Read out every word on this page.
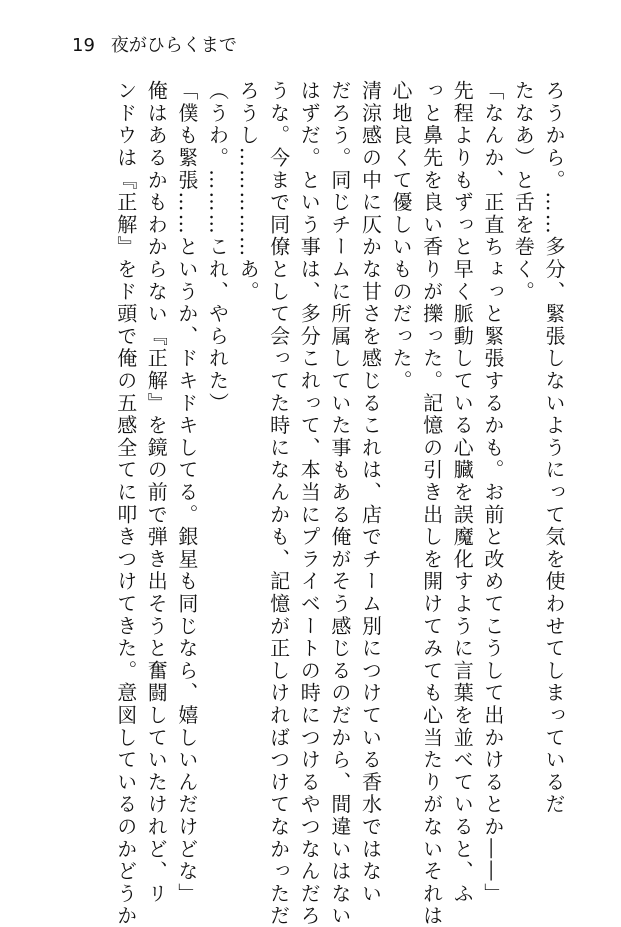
19 夜がひらくまで

ろうから。……多分、緊張しないようにって気を使わせてしまっているだ

たなあ）と舌を巻く。

「なんか、正直ちょっと緊張するかも。お前と改めてこうして出かけるとか――」

先程よりもずっと早く脈動している心臓を誤魔化すように言葉を並べていると、ふ

っと鼻先を良い香りが擽った。記憶の引き出しを開けてみても心当たりがないそれは

心地良くて優しいものだった。

清涼感の中に仄かな甘さを感じるこれは、店でチーム別につけている香水ではない

だろう。同じチームに所属していた事もある俺がそう感じるのだから、間違いはない

はずだ。という事は、多分これって、本当にプライベートの時につけるやつなんだろ

うな。今まで同僚として会ってた時になんかも、記憶が正しければつけてなかっただ

ろうし……………あ。

（うわ。………これ、やられた）

「僕も緊張……というか、ドキドキしてる。銀星も同じなら、嬉しいんだけどな」

俺はあるかもわからない『正解』を鏡の前で弾き出そうと奮闘していたけれど、リ

ンドウは『正解』をド頭で俺の五感全てに叩きつけてきた。意図しているのかどうか
